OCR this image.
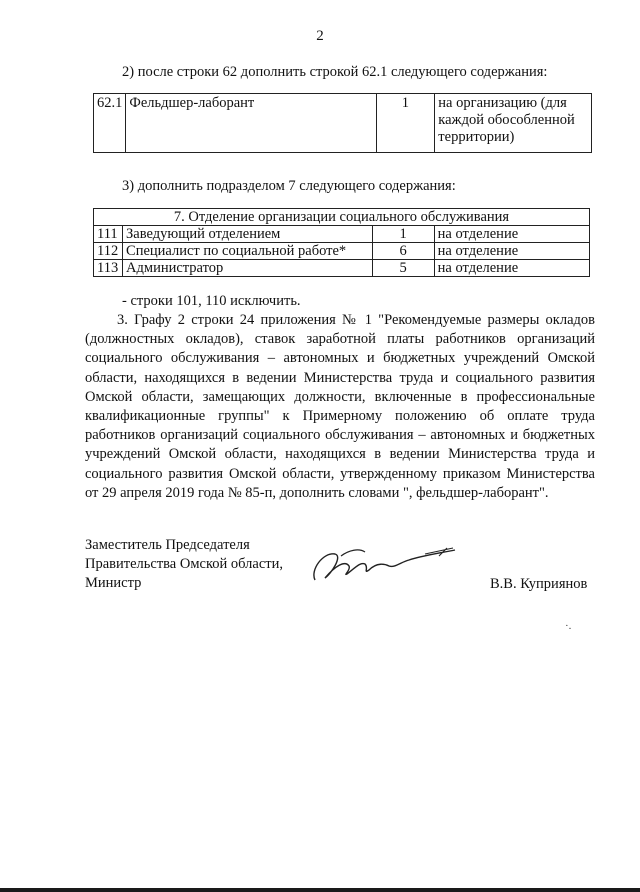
2
2) после строки 62 дополнить строкой 62.1 следующего содержания:
62.1	Фельдшер-лаборант	1	на организацию (для
каждой обособленной
территории)
3) дополнить подразделом 7 следующего содержания:
7. Отделение организации социального обслуживания			
111	Заведующий отделением	1	на отделение
112	Специалист по социальной работе*	6	на отделение
113	Администратор	5	на отделение
- строки 101, 110 исключить.
3. Графу 2 строки 24 приложения № 1 "Рекомендуемые размеры окладов (должностных окладов), ставок заработной платы работников организаций социального обслуживания – автономных и бюджетных учреждений Омской области, находящихся в ведении Министерства труда и социального развития Омской области, замещающих должности, включенные в профессиональные квалификационные группы" к Примерному положению об оплате труда работников организаций социального обслуживания – автономных и бюджетных учреждений Омской области, находящихся в ведении Министерства труда и социального развития Омской области, утвержденному приказом Министерства от 29 апреля 2019 года № 85-п, дополнить словами ", фельдшер-лаборант".
Заместитель Председателя
Правительства Омской области,
Министр	В.В. Куприянов
·.
